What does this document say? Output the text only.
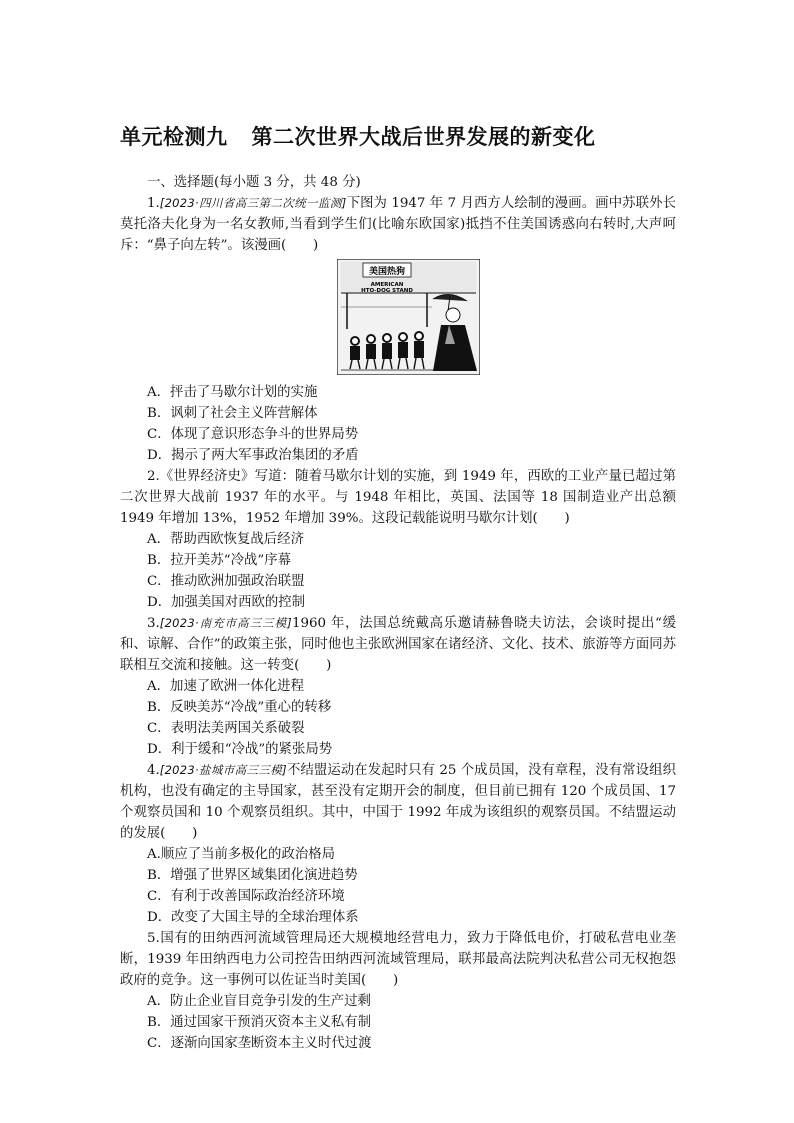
单元检测九 第二次世界大战后世界发展的新变化

一、选择题(每小题 3 分，共 48 分)

1.[2023·四川省高三第二次统一监测]下图为 1947 年 7 月西方人绘制的漫画。画中苏联外长莫托洛夫化身为一名女教师,当看到学生们(比喻东欧国家)抵挡不住美国诱惑向右转时,大声呵斥：“鼻子向左转”。该漫画(　　)

美国热狗
AMERICAN
HTO-DOG STAND

A．抨击了马歇尔计划的实施

B．讽刺了社会主义阵营解体

C．体现了意识形态争斗的世界局势

D．揭示了两大军事政治集团的矛盾

2.《世界经济史》写道：随着马歇尔计划的实施，到 1949 年，西欧的工业产量已超过第二次世界大战前 1937 年的水平。与 1948 年相比，英国、法国等 18 国制造业产出总额 1949 年增加 13%，1952 年增加 39%。这段记载能说明马歇尔计划(　　)

A．帮助西欧恢复战后经济

B．拉开美苏“冷战”序幕

C．推动欧洲加强政治联盟

D．加强美国对西欧的控制

3.[2023·南充市高三三模]1960 年，法国总统戴高乐邀请赫鲁晓夫访法，会谈时提出“缓和、谅解、合作”的政策主张，同时他也主张欧洲国家在诸经济、文化、技术、旅游等方面同苏联相互交流和接触。这一转变(　　)

A．加速了欧洲一体化进程

B．反映美苏“冷战”重心的转移

C．表明法美两国关系破裂

D．利于缓和“冷战”的紧张局势

4.[2023·盐城市高三三模]不结盟运动在发起时只有 25 个成员国，没有章程，没有常设组织机构，也没有确定的主导国家，甚至没有定期开会的制度，但目前已拥有 120 个成员国、17 个观察员国和 10 个观察员组织。其中，中国于 1992 年成为该组织的观察员国。不结盟运动的发展(　　)

A.顺应了当前多极化的政治格局

B．增强了世界区域集团化演进趋势

C．有利于改善国际政治经济环境

D．改变了大国主导的全球治理体系

5.国有的田纳西河流域管理局还大规模地经营电力，致力于降低电价，打破私营电业垄断，1939 年田纳西电力公司控告田纳西河流域管理局，联邦最高法院判决私营公司无权抱怨政府的竞争。这一事例可以佐证当时美国(　　)

A．防止企业盲目竞争引发的生产过剩

B．通过国家干预消灭资本主义私有制

C．逐渐向国家垄断资本主义时代过渡
